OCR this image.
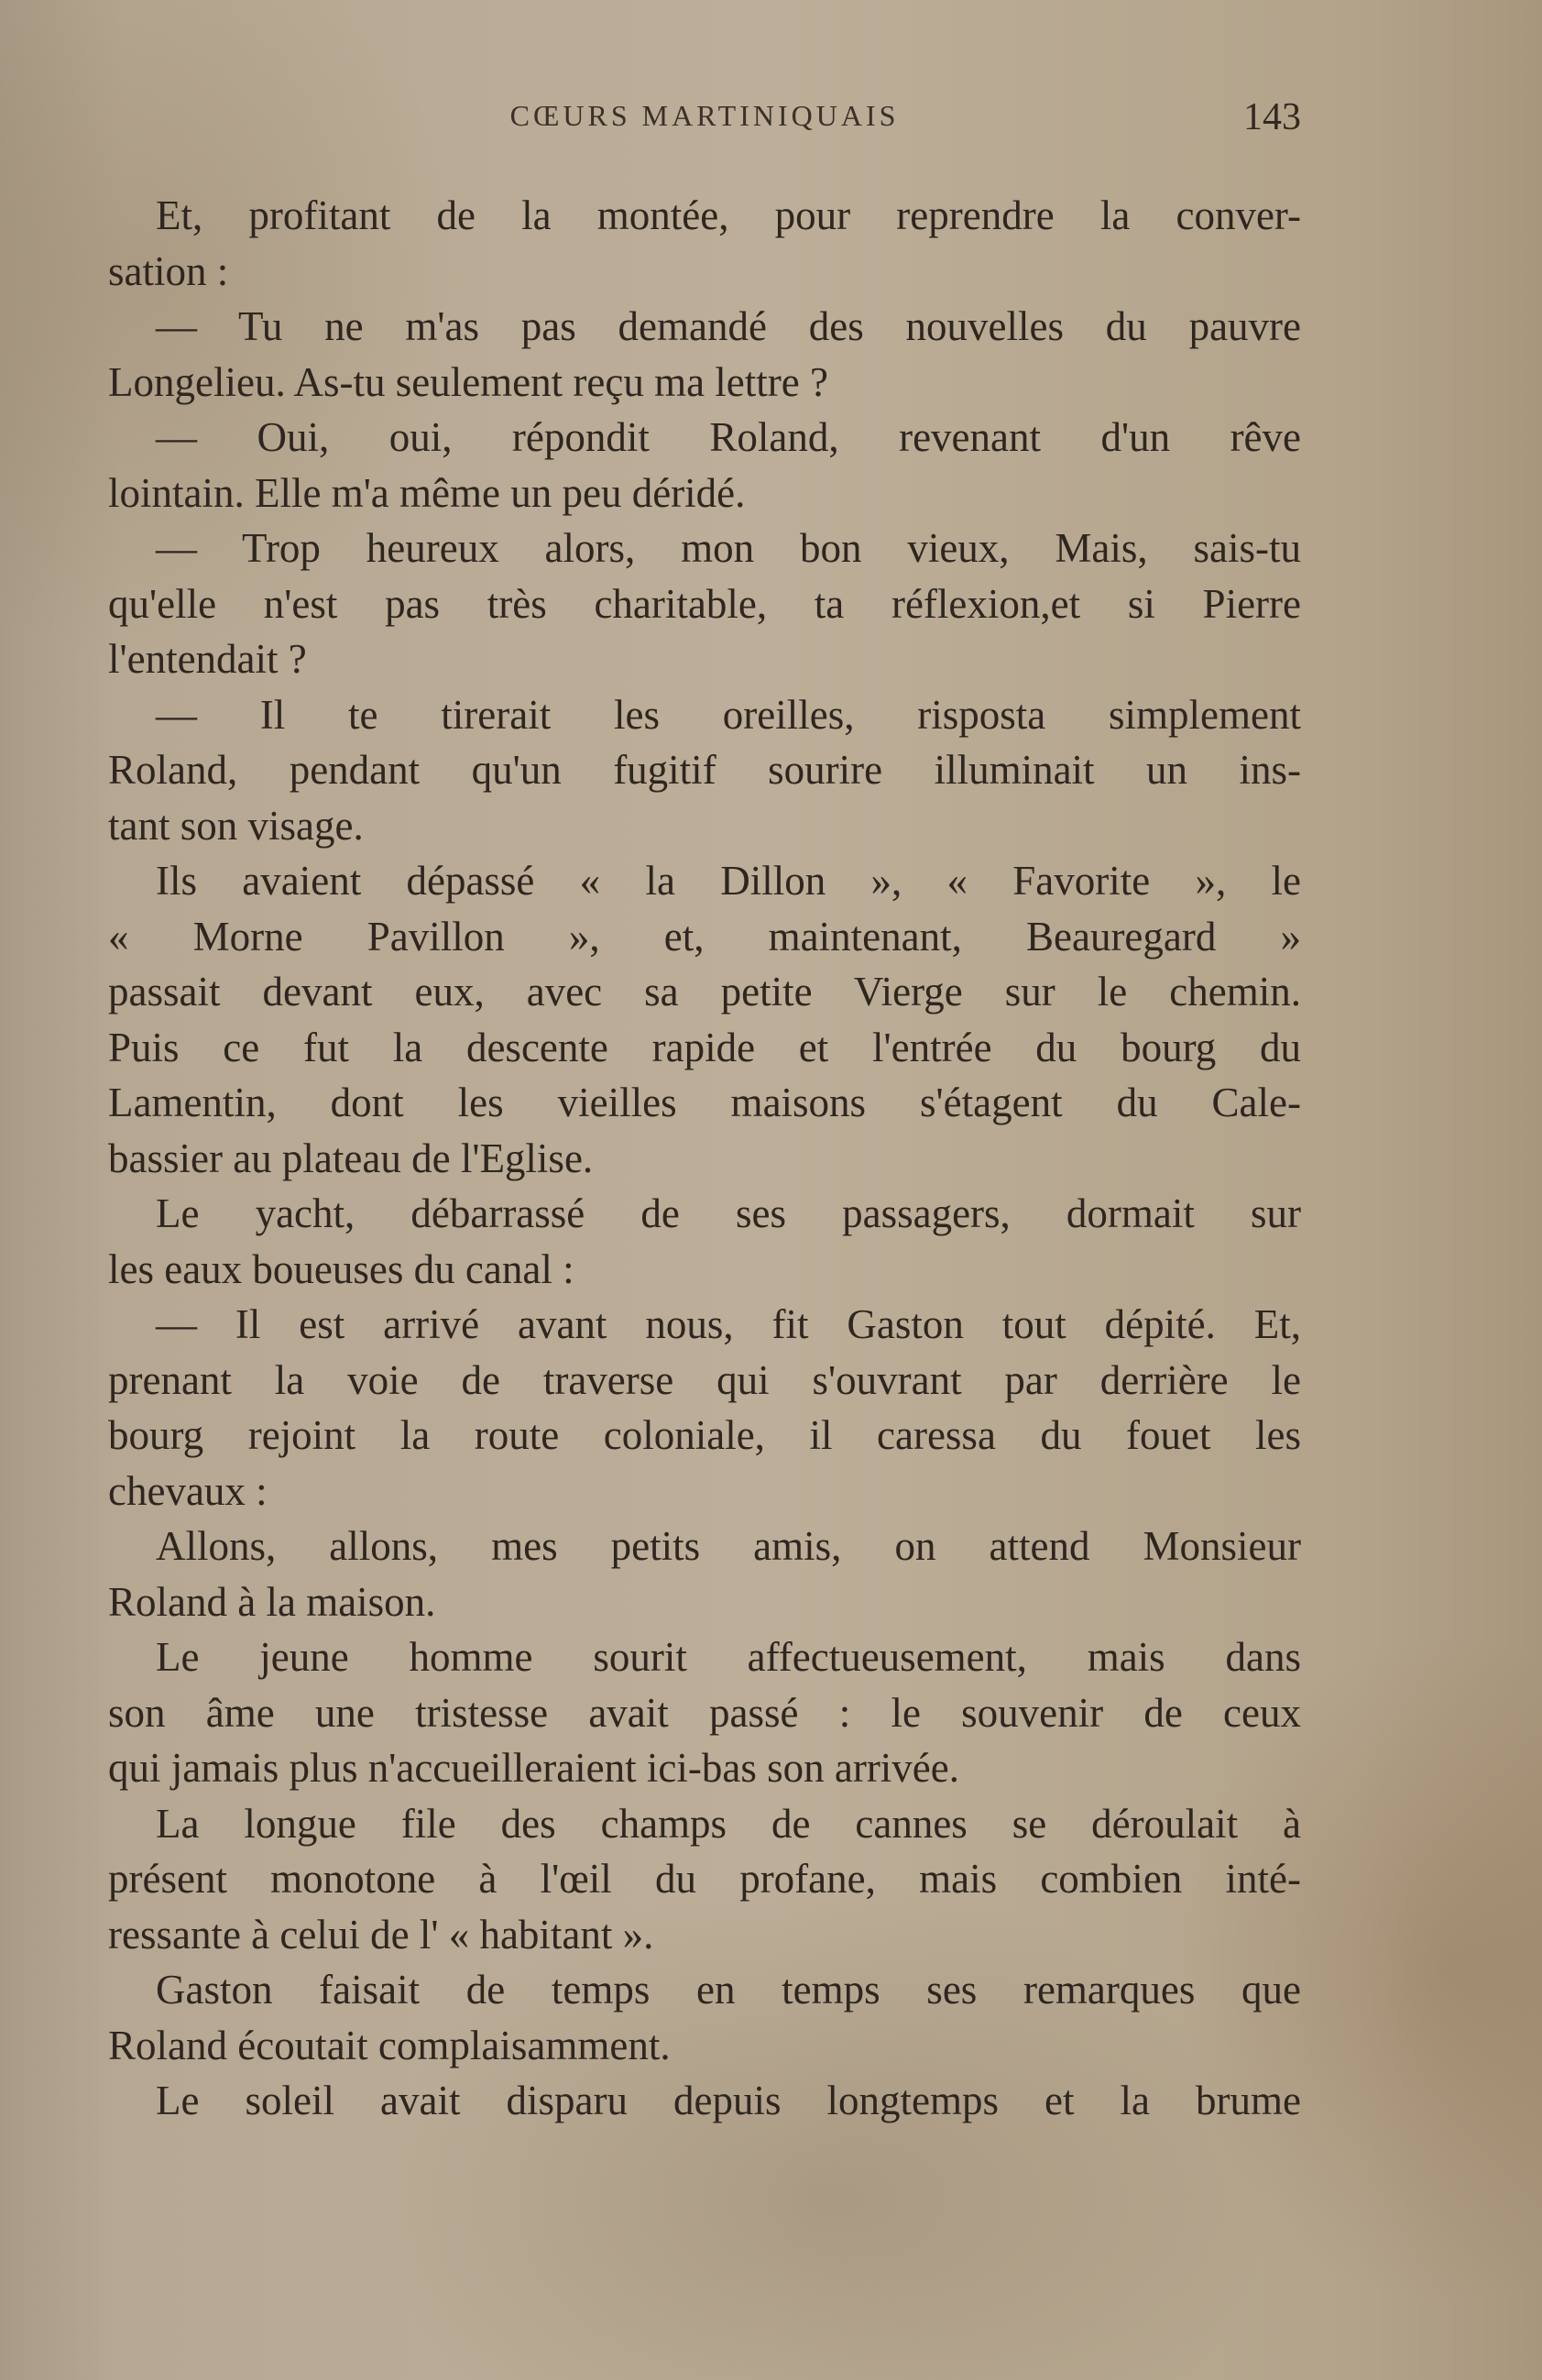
CŒURS MARTINIQUAIS	143
Et, profitant de la montée, pour reprendre la conver-
sation :
— Tu ne m'as pas demandé des nouvelles du pauvre
Longelieu. As-tu seulement reçu ma lettre ?
— Oui, oui, répondit Roland, revenant d'un rêve
lointain. Elle m'a même un peu déridé.
— Trop heureux alors, mon bon vieux, Mais, sais-tu
qu'elle n'est pas très charitable, ta réflexion,et si Pierre
l'entendait ?
— Il te tirerait les oreilles, risposta simplement
Roland, pendant qu'un fugitif sourire illuminait un ins-
tant son visage.
Ils avaient dépassé « la Dillon », « Favorite », le
« Morne Pavillon », et, maintenant, Beauregard »
passait devant eux, avec sa petite Vierge sur le chemin.
Puis ce fut la descente rapide et l'entrée du bourg du
Lamentin, dont les vieilles maisons s'étagent du Cale-
bassier au plateau de l'Eglise.
Le yacht, débarrassé de ses passagers, dormait sur
les eaux boueuses du canal :
— Il est arrivé avant nous, fit Gaston tout dépité. Et,
prenant la voie de traverse qui s'ouvrant par derrière le
bourg rejoint la route coloniale, il caressa du fouet les
chevaux :
Allons, allons, mes petits amis, on attend Monsieur
Roland à la maison.
Le jeune homme sourit affectueusement, mais dans
son âme une tristesse avait passé : le souvenir de ceux
qui jamais plus n'accueilleraient ici-bas son arrivée.
La longue file des champs de cannes se déroulait à
présent monotone à l'œil du profane, mais combien inté-
ressante à celui de l' « habitant ».
Gaston faisait de temps en temps ses remarques que
Roland écoutait complaisamment.
Le soleil avait disparu depuis longtemps et la brume
